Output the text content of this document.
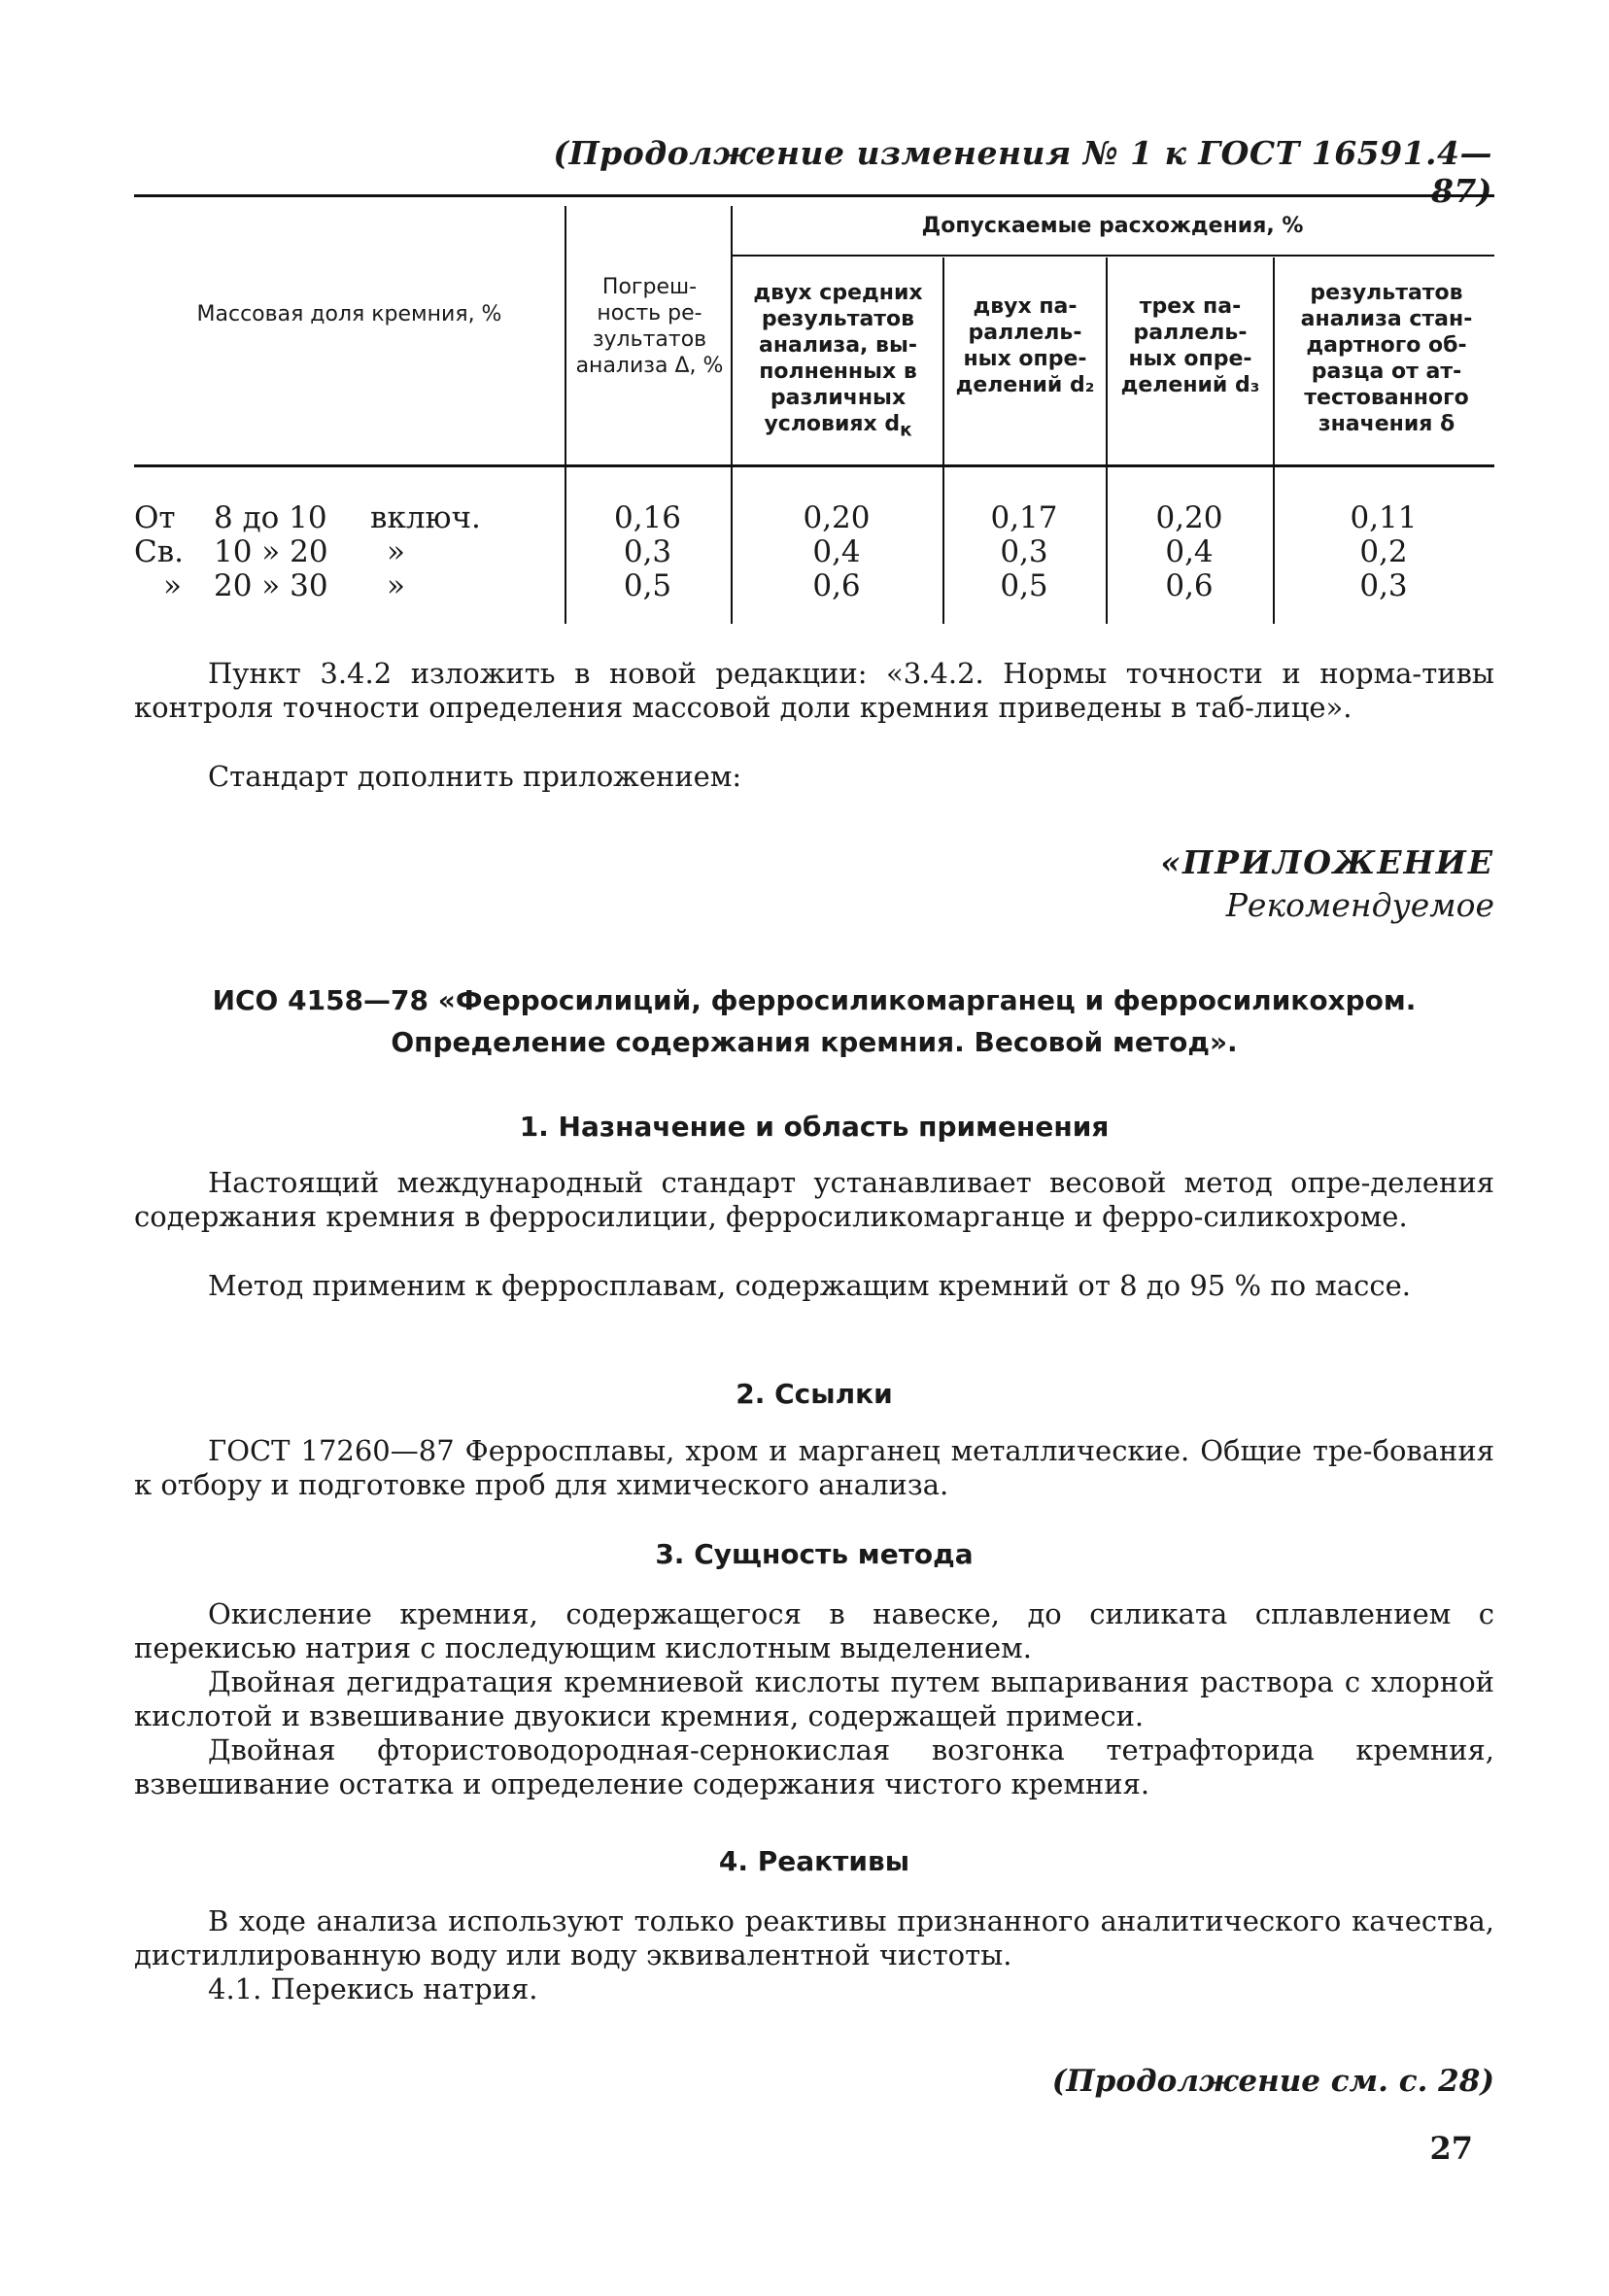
(Продолжение изменения № 1 к ГОСТ 16591.4—87)
Массовая доля кремния, %
Погреш-ность ре-зультатов анализа Δ, %
Допускаемые расхождения, %
двух средних результатов анализа, вы-полненных в различных условиях $d_к$
двух па-раллель-ных опре-делений d₂
трех па-раллель-ных опре-делений d₃
результатов анализа стан-дартного об-разца от ат-тестованного значения δ
От 8 до 10 включ.	0,16	0,20	0,17	0,20	0,11
Св. 10 » 20 »	0,3	0,4	0,3	0,4	0,2
» 20 » 30 »	0,5	0,6	0,5	0,6	0,3

Пункт 3.4.2 изложить в новой редакции: «3.4.2. Нормы точности и норма-тивы контроля точности определения массовой доли кремния приведены в таб-лице».

Стандарт дополнить приложением:

«ПРИЛОЖЕНИЕ
Рекомендуемое
ИСО 4158—78 «Ферросилиций, ферросиликомарганец и ферросиликохром.
Определение содержания кремния. Весовой метод».
1. Назначение и область применения

Настоящий международный стандарт устанавливает весовой метод опре-деления содержания кремния в ферросилиции, ферросиликомарганце и ферро-силикохроме.

Метод применим к ферросплавам, содержащим кремний от 8 до 95 % по массе.

2. Ссылки

ГОСТ 17260—87 Ферросплавы, хром и марганец металлические. Общие тре-бования к отбору и подготовке проб для химического анализа.

3. Сущность метода

Окисление кремния, содержащегося в навеске, до силиката сплавлением с перекисью натрия с последующим кислотным выделением.

Двойная дегидратация кремниевой кислоты путем выпаривания раствора с хлорной кислотой и взвешивание двуокиси кремния, содержащей примеси.

Двойная фтористоводородная-сернокислая возгонка тетрафторида кремния, взвешивание остатка и определение содержания чистого кремния.

4. Реактивы

В ходе анализа используют только реактивы признанного аналитического качества, дистиллированную воду или воду эквивалентной чистоты.

4.1. Перекись натрия.

(Продолжение см. с. 28)
27
